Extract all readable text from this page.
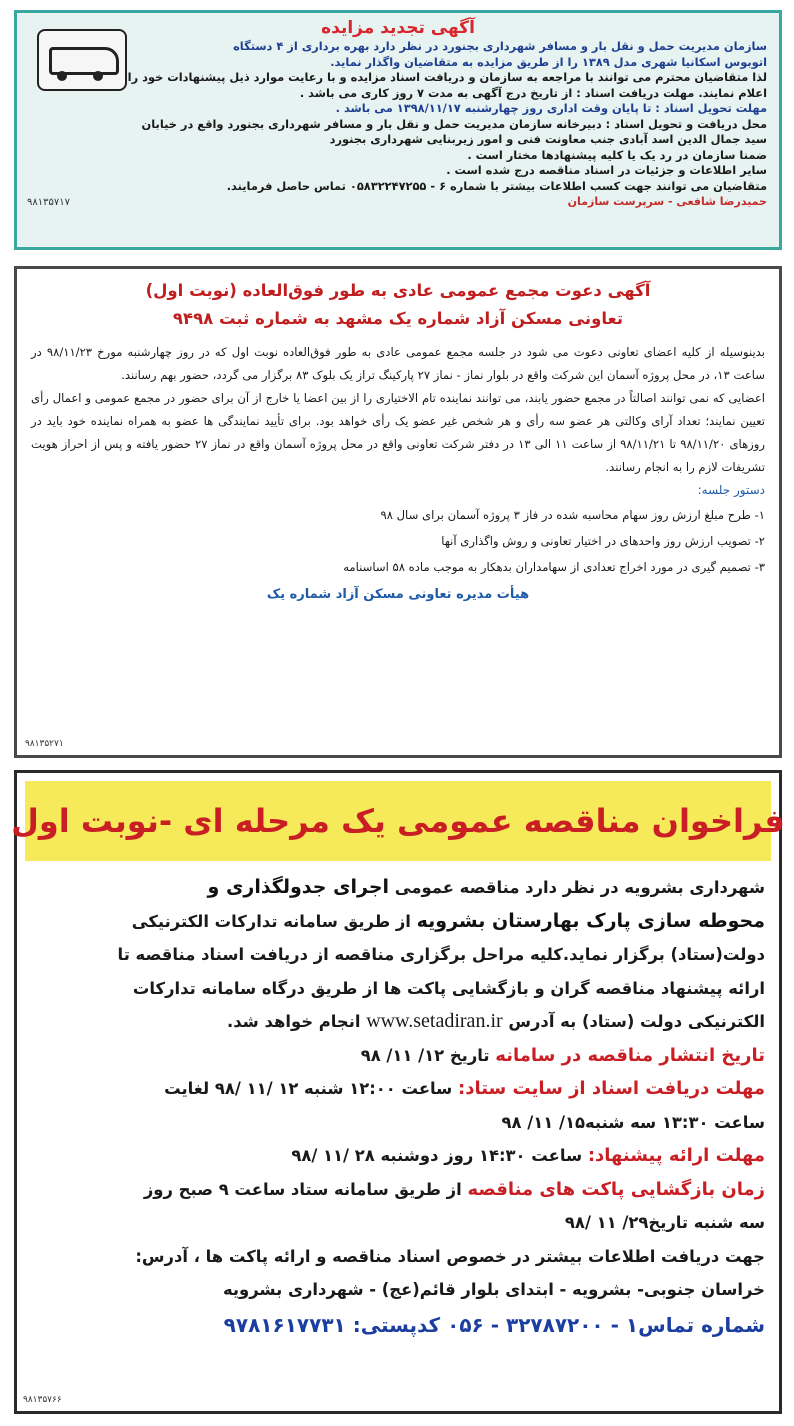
آگهی تجدید مزایده

سازمان مدیریت حمل و نقل بار و مسافر شهرداری بجنورد در نظر دارد بهره برداری از ۴ دستگاه

اتوبوس اسکانیا شهری مدل ۱۳۸۹ را از طریق مزایده به متقاضیان واگذار نماید.

لذا متقاضیان محترم می توانند با مراجعه به سازمان و دریافت اسناد مزایده و با رعایت موارد ذیل پیشنهادات خود را

اعلام نمایند. مهلت دریافت اسناد : از تاریخ درج آگهی به مدت ۷ روز کاری می باشد .

مهلت تحویل اسناد : تا پایان وقت اداری روز چهارشنبه ۱۳۹۸/۱۱/۱۷ می باشد .

محل دریافت و تحویل اسناد : دبیرخانه سازمان مدیریت حمل و نقل بار و مسافر شهرداری بجنورد واقع در خیابان

سید جمال الدین اسد آبادی جنب معاونت فنی و امور زیربنایی شهرداری بجنورد

ضمنا سازمان در رد یک یا کلیه پیشنهادها مختار است .

سایر اطلاعات و جزئیات در اسناد مناقصه درج شده است .

متقاضیان می توانند جهت کسب اطلاعات بیشتر با شماره ۶ - ۰۵۸۳۲۲۴۷۲۵۵ تماس حاصل فرمایند.

حمیدرضا شافعی - سرپرست سازمان
۹۸۱۳۵۷۱۷

آگهی دعوت مجمع عمومی عادی به طور فوق‌العاده (نوبت اول)

تعاونی مسکن آزاد شماره یک مشهد به شماره ثبت ۹۴۹۸

بدینوسیله از کلیه اعضای تعاونی دعوت می شود در جلسه مجمع عمومی عادی به طور فوق‌العاده نوبت اول که در روز چهارشنبه مورخ ۹۸/۱۱/۲۳ در ساعت ۱۳، در محل پروژه آسمان این شرکت واقع در بلوار نماز - نماز ۲۷ پارکینگ تراز یک بلوک ۸۳ برگزار می گردد، حضور بهم رسانند.

اعضایی که نمی توانند اصالتاً در مجمع حضور یابند، می توانند نماینده تام الاختیاری را از بین اعضا یا خارج از آن برای حضور در مجمع عمومی و اعمال رأی تعیین نمایند؛ تعداد آرای وکالتی هر عضو سه رأی و هر شخص غیر عضو یک رأی خواهد بود. برای تأیید نمایندگی ها عضو به همراه نماینده خود باید در روزهای ۹۸/۱۱/۲۰ تا ۹۸/۱۱/۲۱ از ساعت ۱۱ الی ۱۳ در دفتر شرکت تعاونی واقع در محل پروژه آسمان واقع در نماز ۲۷ حضور یافته و پس از احراز هویت تشریفات لازم را به انجام رسانند.

دستور جلسه:

۱- طرح مبلغ ارزش روز سهام محاسبه شده در فاز ۳ پروژه آسمان برای سال ۹۸

۲- تصویب ارزش روز واحدهای در اختیار تعاونی و روش واگذاری آنها

۳- تصمیم گیری در مورد اخراج تعدادی از سهامداران بدهکار به موجب ماده ۵۸ اساسنامه

هیأت مدیره تعاونی مسکن آزاد شماره یک

۹۸۱۳۵۲۷۱
فراخوان مناقصه عمومی یک مرحله ای -نوبت اول

شهرداری بشرویه در نظر دارد مناقصه عمومی اجرای جدولگذاری و

محوطه سازی پارک بهارستان بشرویه از طریق سامانه تدارکات الکترنیکی

دولت(ستاد) برگزار نماید.کلیه مراحل برگزاری مناقصه از دریافت اسناد مناقصه تا

ارائه پیشنهاد مناقصه گران و بازگشایی پاکت ها از طریق درگاه سامانه تدارکات

الکترنیکی دولت (ستاد) به آدرس www.setadiran.ir انجام خواهد شد.

تاریخ انتشار مناقصه در سامانه تاریخ ۱۲/ ۱۱/ ۹۸

مهلت دریافت اسناد از سایت ستاد: ساعت ۱۲:۰۰ شنبه ۱۲ /۱۱ /۹۸ لغایت

ساعت ۱۳:۳۰ سه شنبه۱۵/ ۱۱/ ۹۸

مهلت ارائه پیشنهاد: ساعت ۱۴:۳۰ روز دوشنبه ۲۸ /۱۱ /۹۸

زمان بازگشایی پاکت های مناقصه از طریق سامانه ستاد ساعت ۹ صبح روز

سه شنبه تاریخ۲۹/ ۱۱ /۹۸

جهت دریافت اطلاعات بیشتر در خصوص اسناد مناقصه و ارائه پاکت ها ، آدرس:

خراسان جنوبی- بشرویه - ابتدای بلوار قائم(عج) - شهرداری بشرویه

شماره تماس۱ - ۳۲۷۸۷۲۰۰ - ۰۵۶ کدپستی: ۹۷۸۱۶۱۷۷۳۱

۹۸۱۳۵۷۶۶
